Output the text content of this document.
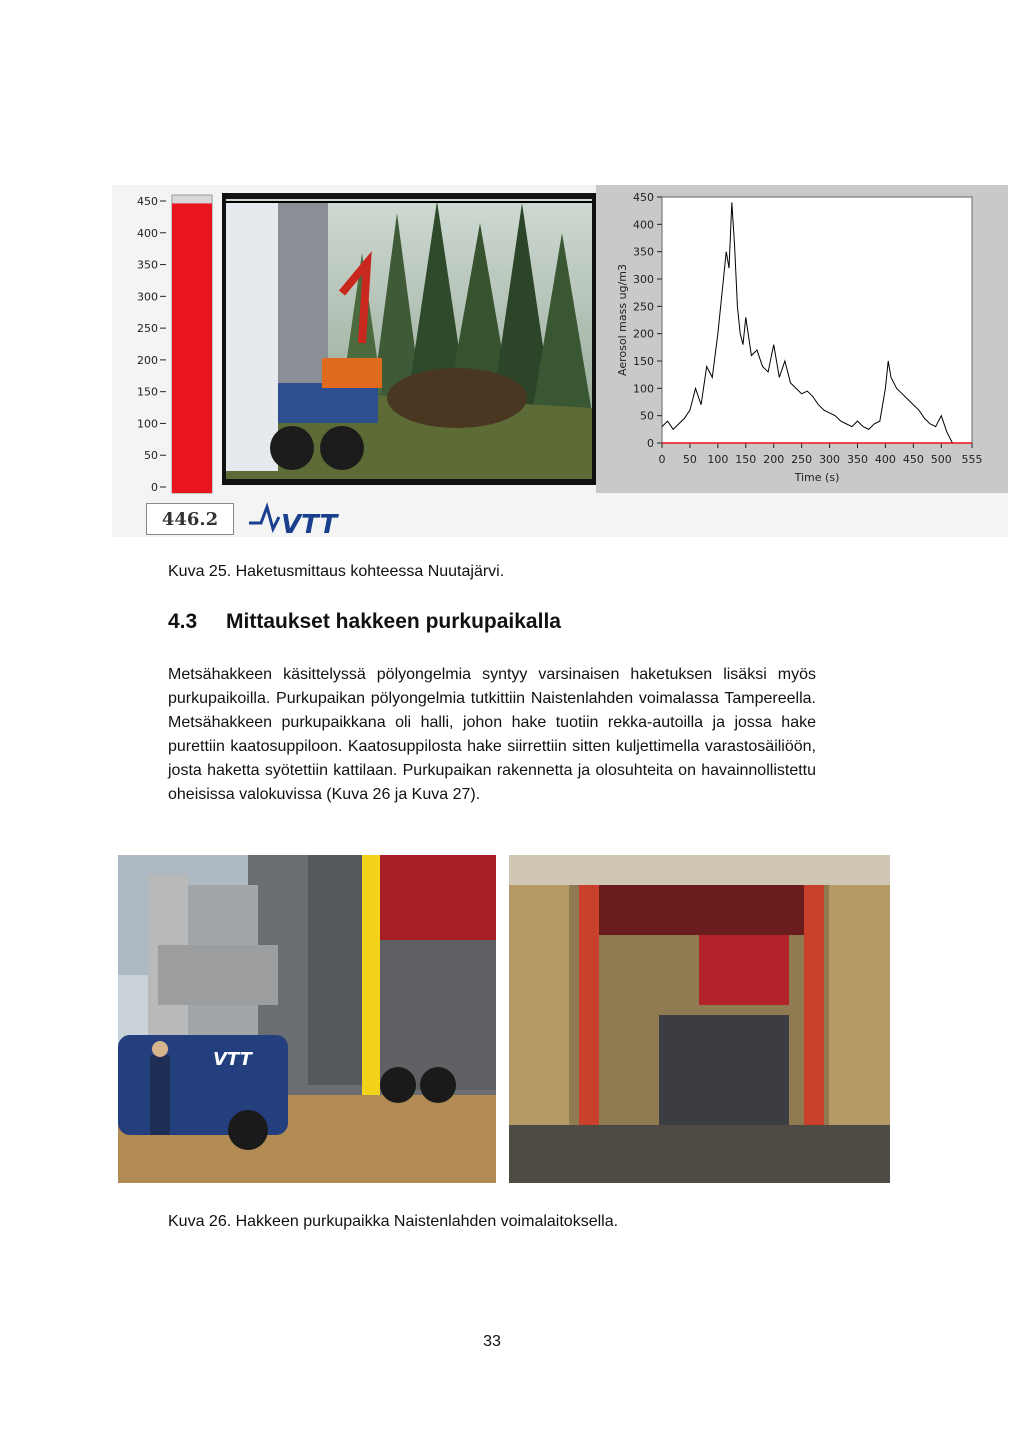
450
400
350
300
250
200
150
100
50
0
450
400
350
300
250
200
150
100
50
0
0 50 100 150 200 250 300 350 400 450 500 555
Time (s)
Aerosol mass ug/m3
446.2	VTT
Kuva 25. Haketusmittaus kohteessa Nuutajärvi.
4.3 Mittaukset hakkeen purkupaikalla
Metsähakkeen käsittelyssä pölyongelmia syntyy varsinaisen haketuksen lisäksi myös purkupaikoilla. Purkupaikan pölyongelmia tutkittiin Naistenlahden voimalassa Tampereella. Metsähakkeen purkupaikkana oli halli, johon hake tuotiin rekka-autoilla ja jossa hake purettiin kaatosuppiloon. Kaatosuppilosta hake siirrettiin sitten kuljettimella varastosäiliöön, josta haketta syötettiin kattilaan. Purkupaikan rakennetta ja olosuhteita on havainnollistettu oheisissa valokuvissa (Kuva 26 ja Kuva 27).
VTT
Kuva 26. Hakkeen purkupaikka Naistenlahden voimalaitoksella.
33
